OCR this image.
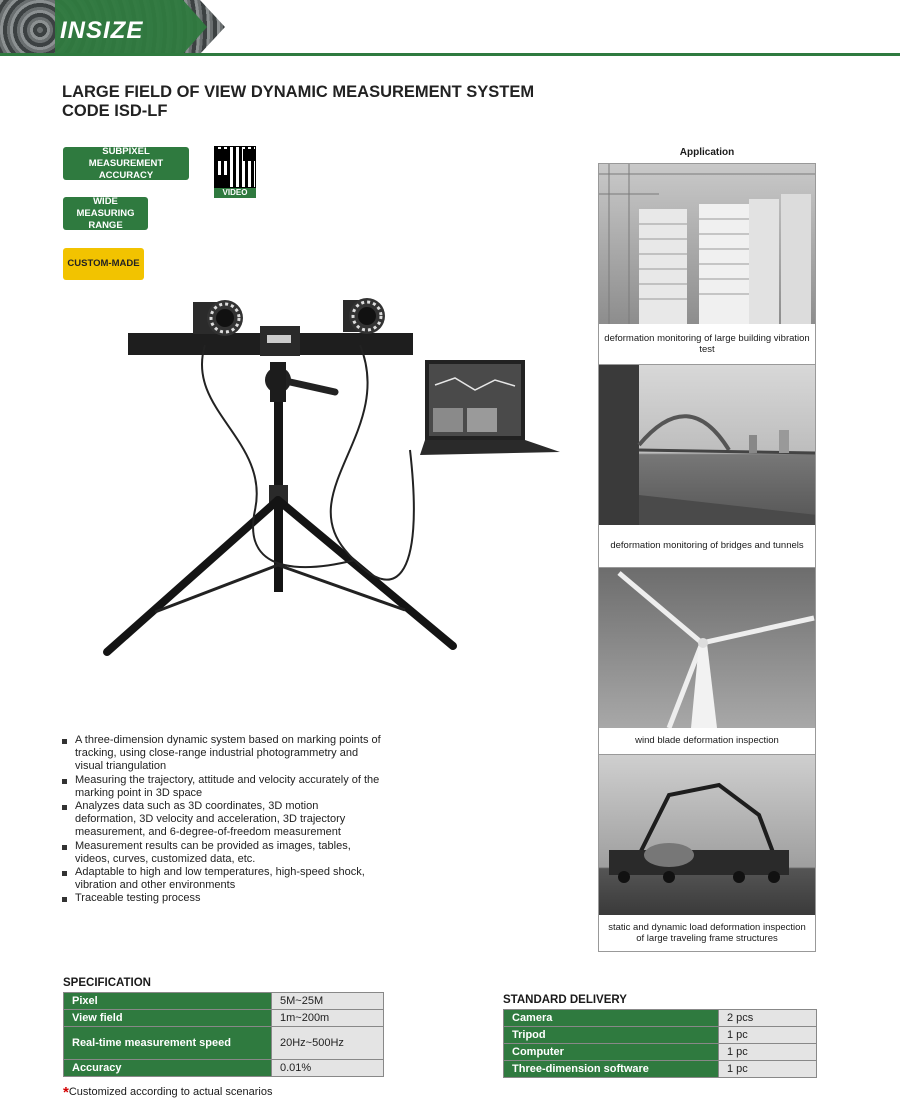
INSIZE
LARGE FIELD OF VIEW DYNAMIC MEASUREMENT SYSTEM
CODE ISD-LF
SUBPIXEL MEASUREMENT ACCURACY
WIDE MEASURING RANGE
CUSTOM-MADE
VIDEO
A three-dimension dynamic system based on marking points of tracking, using close-range industrial photogrammetry and visual triangulation
Measuring the trajectory, attitude and velocity accurately of the marking point in 3D space
Analyzes data such as 3D coordinates, 3D motion deformation, 3D velocity and acceleration, 3D trajectory measurement, and 6-degree-of-freedom measurement
Measurement results can be provided as images, tables, videos, curves, customized data, etc.
Adaptable to high and low temperatures, high-speed shock, vibration and other environments
Traceable testing process
Application
deformation monitoring of large building vibration test
deformation monitoring of bridges and tunnels
wind blade deformation inspection
static and dynamic load deformation inspection of large traveling frame structures
SPECIFICATION
Pixel	5M~25M
View field	1m~200m
Real-time measurement speed	20Hz~500Hz
Accuracy	0.01%
STANDARD DELIVERY
Camera	2 pcs
Tripod	1 pc
Computer	1 pc
Three-dimension software	1 pc
*Customized according to actual scenarios
